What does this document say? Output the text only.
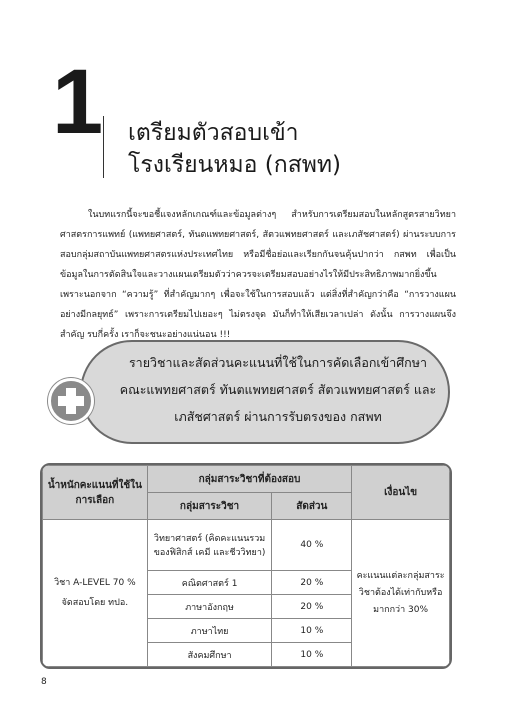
1 เตรียมตัวสอบเข้า
โรงเรียนหมอ (กสพท)

ในบทแรกนี้จะขอชี้แจงหลักเกณฑ์และข้อมูลต่างๆ สำหรับการเตรียมสอบในหลักสูตรสายวิทยาศาสตรการแพทย์ (แพทยศาสตร์, ทันตแพทยศาสตร์, สัตวแพทยศาสตร์ และเภสัชศาสตร์) ผ่านระบบการสอบกลุ่มสถาบันแพทยศาสตรแห่งประเทศไทย หรือมีชื่อย่อและเรียกกันจนคุ้นปากว่า กสพท เพื่อเป็นข้อมูลในการตัดสินใจและวางแผนเตรียมตัวว่าควรจะเตรียมสอบอย่างไรให้มีประสิทธิภาพมากยิ่งขึ้น เพราะนอกจาก “ความรู้” ที่สำคัญมากๆ เพื่อจะใช้ในการสอบแล้ว แต่สิ่งที่สำคัญกว่าคือ “การวางแผนอย่างมีกลยุทธ์” เพราะการเตรียมไปเยอะๆ ไม่ตรงจุด มันก็ทำให้เสียเวลาเปล่า ดังนั้น การวางแผนจึงสำคัญ รบกี่ครั้ง เราก็จะชนะอย่างแน่นอน !!!

รายวิชาและสัดส่วนคะแนนที่ใช้ในการคัดเลือกเข้าศึกษา
คณะแพทยศาสตร์ ทันตแพทยศาสตร์ สัตวแพทยศาสตร์ และ
เภสัชศาสตร์ ผ่านการรับตรงของ กสพท
น้ำหนักคะแนนที่ใช้ในการเลือก	กลุ่มสาระวิชาที่ต้องสอบ		เงื่อนไข
	กลุ่มสาระวิชา	สัดส่วน	

วิชา A-LEVEL 70 %
จัดสอบโดย ทปอ.	วิทยาศาสตร์ (คิดคะแนนรวมของฟิสิกส์ เคมี และชีววิทยา)	40 %	คะแนนแต่ละกลุ่มสาระวิชาต้องได้เท่ากับหรือมากกว่า 30%
	คณิตศาสตร์ 1	20 %	
	ภาษาอังกฤษ	20 %	
	ภาษาไทย	10 %	
	สังคมศึกษา	10 %	
8
